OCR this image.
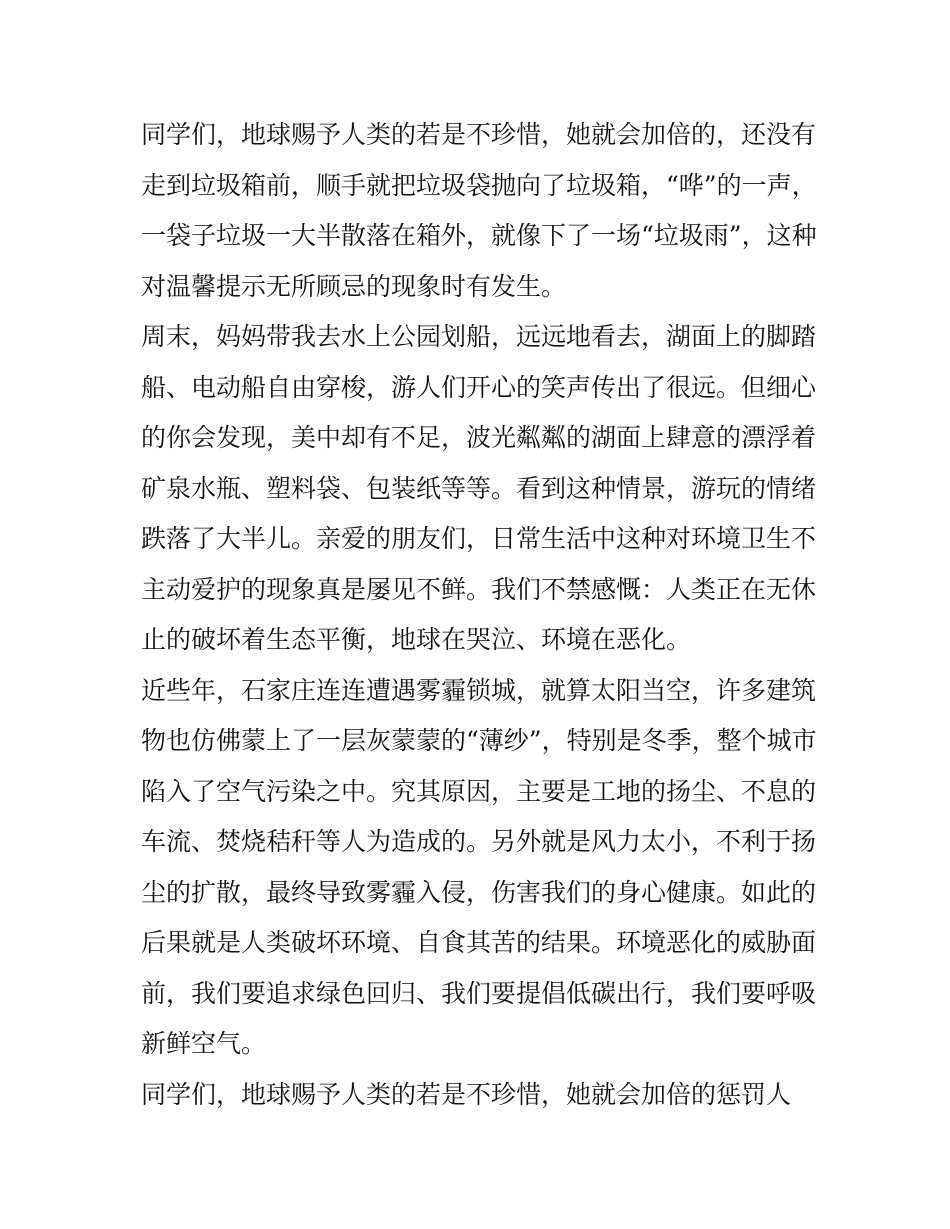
同学们，地球赐予人类的若是不珍惜，她就会加倍的，还没有
走到垃圾箱前，顺手就把垃圾袋抛向了垃圾箱，“哗”的一声，
一袋子垃圾一大半散落在箱外，就像下了一场“垃圾雨”，这种
对温馨提示无所顾忌的现象时有发生。
周末，妈妈带我去水上公园划船，远远地看去，湖面上的脚踏
船、电动船自由穿梭，游人们开心的笑声传出了很远。但细心
的你会发现，美中却有不足，波光粼粼的湖面上肆意的漂浮着
矿泉水瓶、塑料袋、包装纸等等。看到这种情景，游玩的情绪
跌落了大半儿。亲爱的朋友们，日常生活中这种对环境卫生不
主动爱护的现象真是屡见不鲜。我们不禁感慨：人类正在无休
止的破坏着生态平衡，地球在哭泣、环境在恶化。
近些年，石家庄连连遭遇雾霾锁城，就算太阳当空，许多建筑
物也仿佛蒙上了一层灰蒙蒙的“薄纱”，特别是冬季，整个城市
陷入了空气污染之中。究其原因，主要是工地的扬尘、不息的
车流、焚烧秸秆等人为造成的。另外就是风力太小，不利于扬
尘的扩散，最终导致雾霾入侵，伤害我们的身心健康。如此的
后果就是人类破坏环境、自食其苦的结果。环境恶化的威胁面
前，我们要追求绿色回归、我们要提倡低碳出行，我们要呼吸
新鲜空气。
同学们，地球赐予人类的若是不珍惜，她就会加倍的惩罚人
